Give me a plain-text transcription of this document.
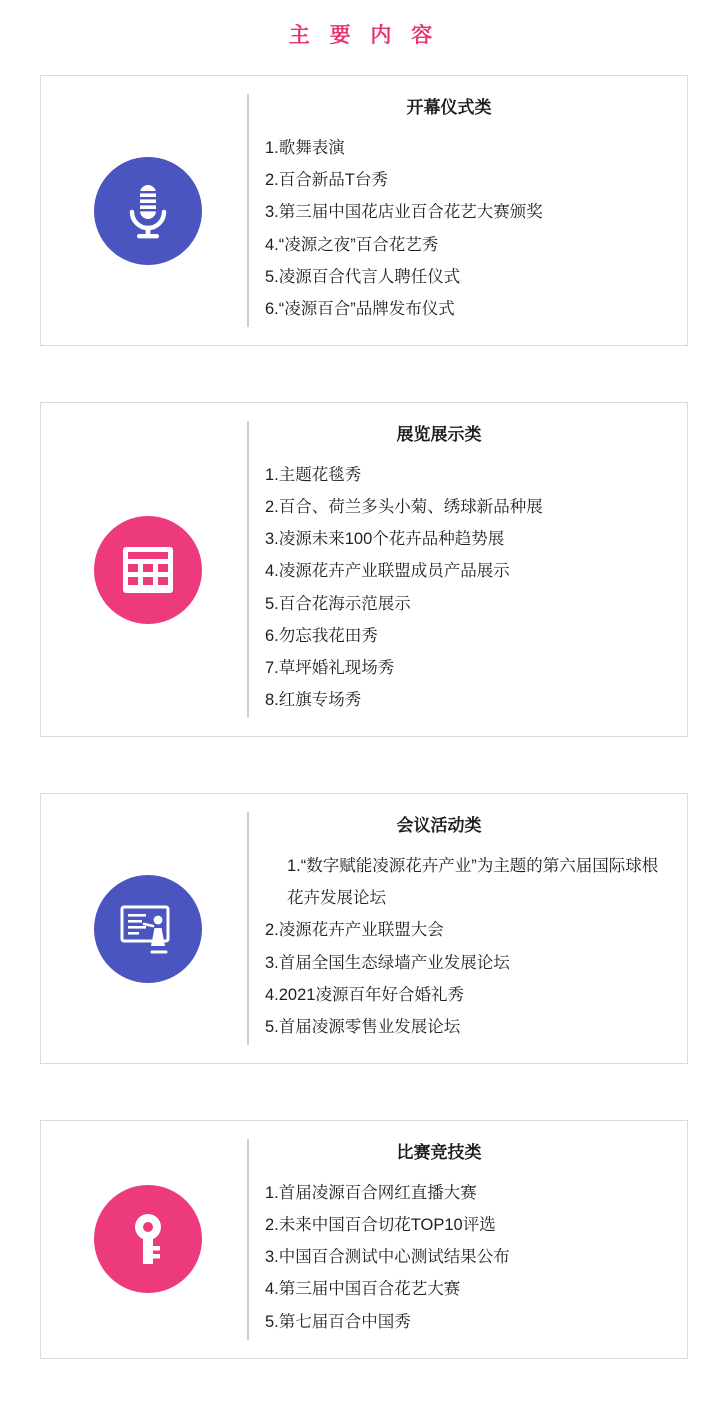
主 要 内 容
开幕仪式类
1.歌舞表演
2.百合新品T台秀
3.第三届中国花店业百合花艺大赛颁奖
4.“凌源之夜”百合花艺秀
5.凌源百合代言人聘任仪式
6.“凌源百合”品牌发布仪式
展览展示类
1.主题花毯秀
2.百合、荷兰多头小菊、绣球新品种展
3.凌源未来100个花卉品种趋势展
4.凌源花卉产业联盟成员产品展示
5.百合花海示范展示
6.勿忘我花田秀
7.草坪婚礼现场秀
8.红旗专场秀
会议活动类
1.“数字赋能凌源花卉产业”为主题的第六届国际球根花卉发展论坛
2.凌源花卉产业联盟大会
3.首届全国生态绿墙产业发展论坛
4.2021凌源百年好合婚礼秀
5.首届凌源零售业发展论坛
比赛竞技类
1.首届凌源百合网红直播大赛
2.未来中国百合切花TOP10评选
3.中国百合测试中心测试结果公布
4.第三届中国百合花艺大赛
5.第七届百合中国秀
